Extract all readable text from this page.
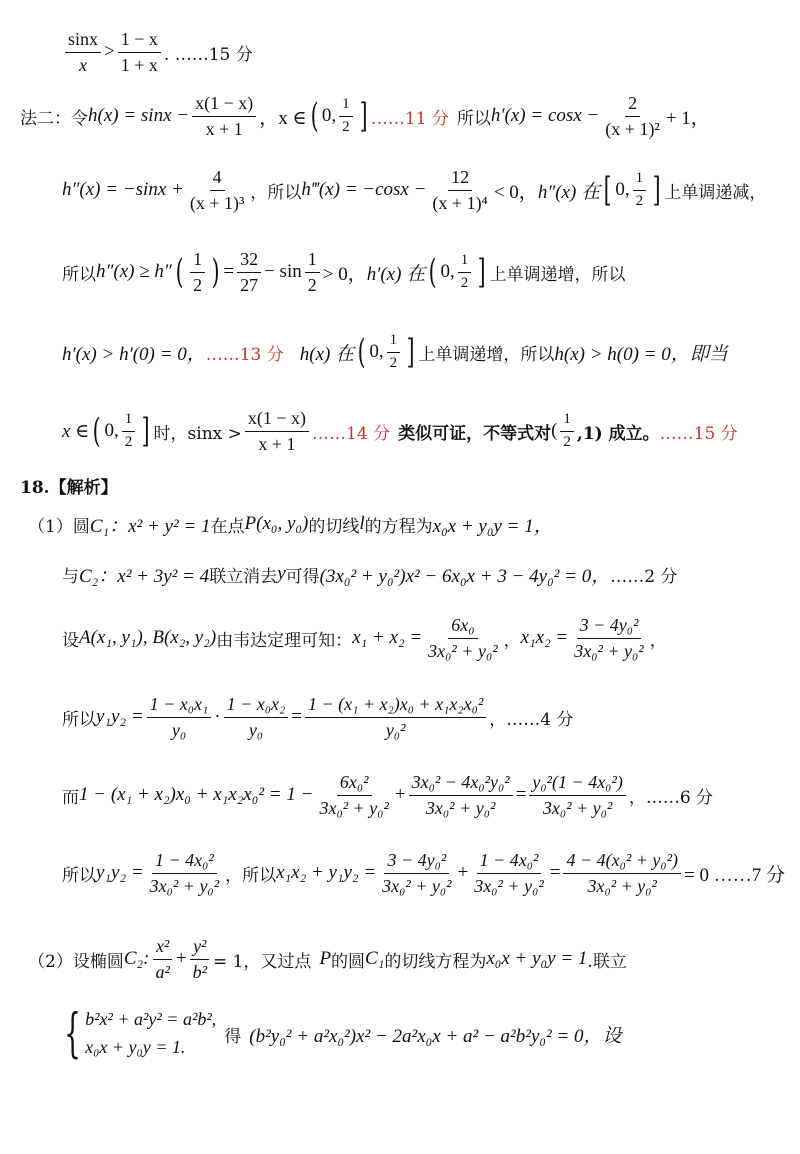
$\frac{\sin x}{x} > \frac{1 - x}{1 + x}$ . ……15 分
法二：令 $h(x) = \sin x - \frac{x(1 - x)}{x + 1}$ ，x ∈ ( 0, $\frac{1}{2}$ ] ……11 分 所以 $h'(x) = \cos x - \frac{2}{\text{(x + 1)²}} + 1$，
$h''(x) = -\sin x + \frac{4}{\text{(x + 1)³}}$ ，所以 h‴(x) = $-\cos x - \frac{12}{\text{(x + 1)⁴}} < 0$， h″(x) 在 [ 0, $\frac{1}{2}$ ] 上单调递减，
所以 h″(x) ≥ h″ ( $\frac{1}{2}$ ) = $\frac{32}{27} - \sin \frac{1}{2} > 0$， h′(x) 在 ( 0, $\frac{1}{2}$ ] 上单调递增，所以
h′(x) > h′(0) = 0， ……13 分 h(x) 在 ( 0, $\frac{1}{2}$ ] 上单调递增，所以 h(x) > h(0) = 0，即当
x ∈ ( 0, $\frac{1}{2}$ ] 时，$\sin x > \frac{x(1 - x)}{x + 1}$ ……14 分 类似可证，不等式对 ( $\frac{1}{2} ,1$) 成立。 ……15 分
18.【解析】
（1）圆 C₁：x² + y² = 1 在点 P(x₀, y₀) 的切线 l 的方程为 x₀x + y₀y = 1，
与 C₂：x² + 3y² = 4 联立消去 y 可得 (3x₀² + y₀²)x² − 6x₀x + 3 − 4y₀² = 0， ……2 分
设 A(x₁, y₁), B(x₂, y₂) 由韦达定理可知： $x_1 + x_2 = \frac{\text{6x₀}}{\text{3x₀² + y₀²}}$ ， $x_1x_2 = \frac{\text{3 − 4y₀²}}{\text{3x₀² + y₀²}}$ ，
所以 $y_1y_2 = \frac{\text{1 − x₀x₁}}{\text{y₀}} \cdot \frac{\text{1 − x₀x₂}}{\text{y₀}} = \frac{\text{1 − (x₁ + x₂)x₀ + x₁x₂x₀²}}{\text{y₀²}}$ ，……4 分
而 $1 - (x_1 + x_2)x_0 + x_1x_2x_0^2 = 1 - \frac{\text{6x₀²}}{\text{3x₀² + y₀²}} + \frac{\text{3x₀² − 4x₀²y₀²}}{\text{3x₀² + y₀²}} = \frac{\text{y₀²(1 − 4x₀²)}}{\text{3x₀² + y₀²}}$ ，……6 分
所以 $y_1y_2 = \frac{\text{1 − 4x₀²}}{\text{3x₀² + y₀²}}$ ，所以 $x_1x_2 + y_1y_2 = \frac{\text{3 − 4y₀²}}{\text{3x₀² + y₀²}} + \frac{\text{1 − 4x₀²}}{\text{3x₀² + y₀²}} = \frac{\text{4 − 4(x₀² + y₀²)}}{\text{3x₀² + y₀²}} = 0$ ……7 分
（2）设椭圆 C₂: $\frac{\text{x²}}{\text{a²}} + \frac{\text{y²}}{\text{b²}} = 1$，又过点 P 的圆 C₁ 的切线方程为 x₀x + y₀y = 1 .联立
{ b²x² + a²y² = a²b²,
x₀x + y₀y = 1.
得 (b²y₀² + a²x₀²)x² − 2a²x₀x + a² − a²b²y₀² = 0，设
